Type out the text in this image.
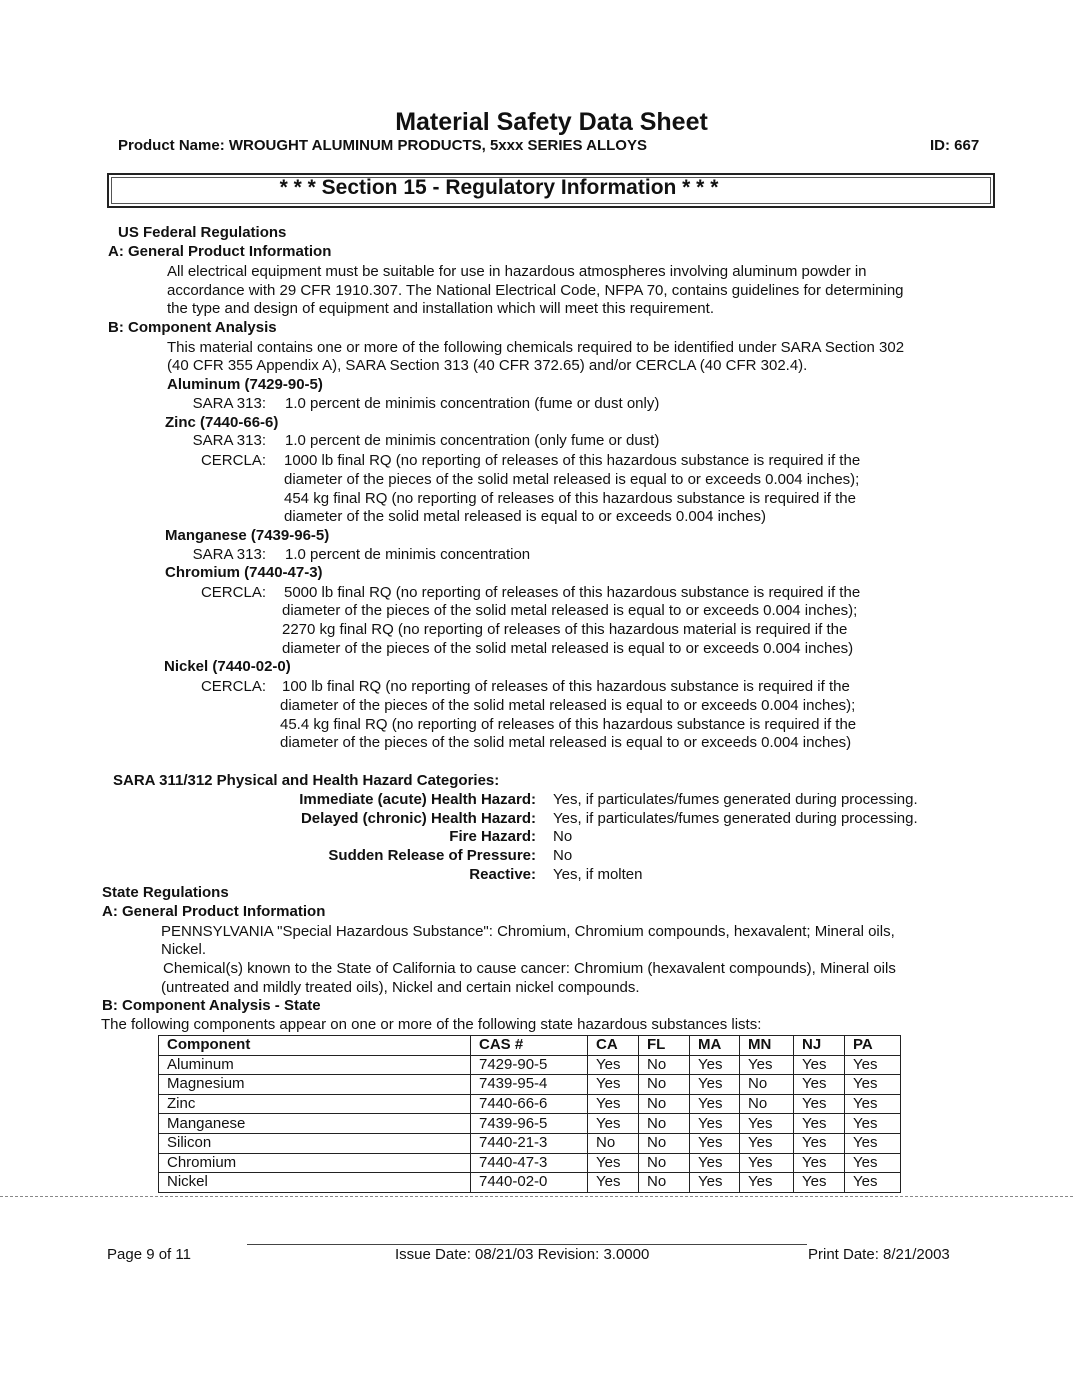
Material Safety Data Sheet
Product Name: WROUGHT ALUMINUM PRODUCTS, 5xxx SERIES ALLOYS	ID: 667
* * * Section 15 - Regulatory Information * * *
US Federal Regulations
A: General Product Information
All electrical equipment must be suitable for use in hazardous atmospheres involving aluminum powder in
accordance with 29 CFR 1910.307. The National Electrical Code, NFPA 70, contains guidelines for determining
the type and design of equipment and installation which will meet this requirement.
B: Component Analysis
This material contains one or more of the following chemicals required to be identified under SARA Section 302
(40 CFR 355 Appendix A), SARA Section 313 (40 CFR 372.65) and/or CERCLA (40 CFR 302.4).
Aluminum (7429-90-5)
SARA 313: 1.0 percent de minimis concentration (fume or dust only)
Zinc (7440-66-6)
SARA 313: 1.0 percent de minimis concentration (only fume or dust)
CERCLA: 1000 lb final RQ (no reporting of releases of this hazardous substance is required if the
diameter of the pieces of the solid metal released is equal to or exceeds 0.004 inches);
454 kg final RQ (no reporting of releases of this hazardous substance is required if the
diameter of the solid metal released is equal to or exceeds 0.004 inches)
Manganese (7439-96-5)
SARA 313: 1.0 percent de minimis concentration
Chromium (7440-47-3)
CERCLA: 5000 lb final RQ (no reporting of releases of this hazardous substance is required if the
diameter of the pieces of the solid metal released is equal to or exceeds 0.004 inches);
2270 kg final RQ (no reporting of releases of this hazardous material is required if the
diameter of the pieces of the solid metal released is equal to or exceeds 0.004 inches)
Nickel (7440-02-0)
CERCLA: 100 lb final RQ (no reporting of releases of this hazardous substance is required if the
diameter of the pieces of the solid metal released is equal to or exceeds 0.004 inches);
45.4 kg final RQ (no reporting of releases of this hazardous substance is required if the
diameter of the pieces of the solid metal released is equal to or exceeds 0.004 inches)
SARA 311/312 Physical and Health Hazard Categories:
Immediate (acute) Health Hazard: Yes, if particulates/fumes generated during processing.
Delayed (chronic) Health Hazard: Yes, if particulates/fumes generated during processing.
Fire Hazard: No
Sudden Release of Pressure: No
Reactive: Yes, if molten
State Regulations
A: General Product Information
PENNSYLVANIA "Special Hazardous Substance": Chromium, Chromium compounds, hexavalent; Mineral oils,
Nickel.
Chemical(s) known to the State of California to cause cancer: Chromium (hexavalent compounds), Mineral oils
(untreated and mildly treated oils), Nickel and certain nickel compounds.
B: Component Analysis - State
The following components appear on one or more of the following state hazardous substances lists:
Component	CAS #	CA	FL	MA	MN	NJ	PA
Aluminum	7429-90-5	Yes	No	Yes	Yes	Yes	Yes
Magnesium	7439-95-4	Yes	No	Yes	No	Yes	Yes
Zinc	7440-66-6	Yes	No	Yes	No	Yes	Yes
Manganese	7439-96-5	Yes	No	Yes	Yes	Yes	Yes
Silicon	7440-21-3	No	No	Yes	Yes	Yes	Yes
Chromium	7440-47-3	Yes	No	Yes	Yes	Yes	Yes
Nickel	7440-02-0	Yes	No	Yes	Yes	Yes	Yes
Page 9 of 11	Issue Date: 08/21/03 Revision: 3.0000	Print Date: 8/21/2003
